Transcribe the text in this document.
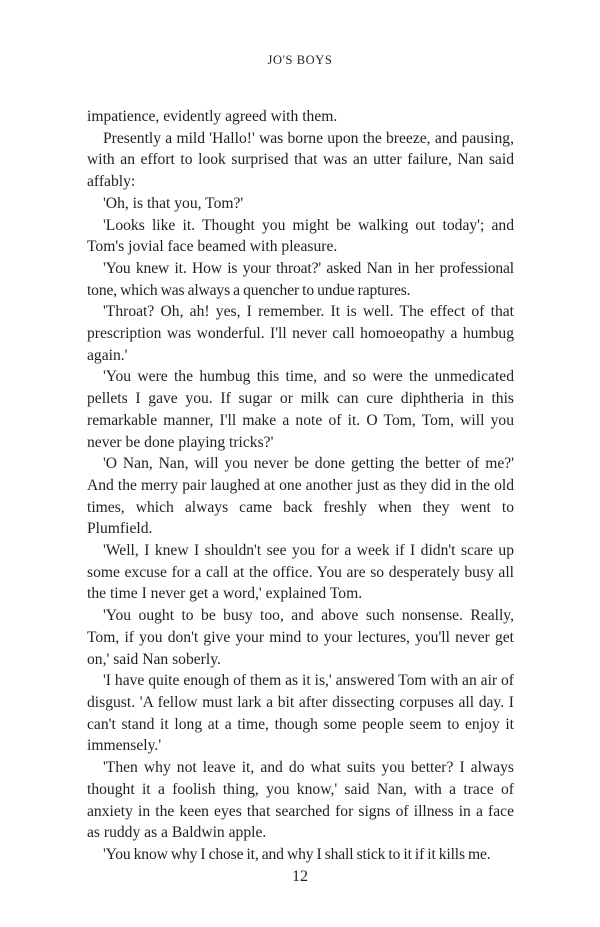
JO'S BOYS

impatience, evidently agreed with them.

Presently a mild 'Hallo!' was borne upon the breeze, and pausing, with an effort to look surprised that was an utter failure, Nan said affably:

'Oh, is that you, Tom?'

'Looks like it. Thought you might be walking out today'; and Tom's jovial face beamed with pleasure.

'You knew it. How is your throat?' asked Nan in her professional tone, which was always a quencher to undue raptures.

'Throat? Oh, ah! yes, I remember. It is well. The effect of that prescription was wonderful. I'll never call homoeopathy a humbug again.'

'You were the humbug this time, and so were the unmedicated pellets I gave you. If sugar or milk can cure diphtheria in this remarkable manner, I'll make a note of it. O Tom, Tom, will you never be done playing tricks?'

'O Nan, Nan, will you never be done getting the better of me?' And the merry pair laughed at one another just as they did in the old times, which always came back freshly when they went to Plumfield.

'Well, I knew I shouldn't see you for a week if I didn't scare up some excuse for a call at the office. You are so desperately busy all the time I never get a word,' explained Tom.

'You ought to be busy too, and above such nonsense. Really, Tom, if you don't give your mind to your lectures, you'll never get on,' said Nan soberly.

'I have quite enough of them as it is,' answered Tom with an air of disgust. 'A fellow must lark a bit after dissecting corpuses all day. I can't stand it long at a time, though some people seem to enjoy it immensely.'

'Then why not leave it, and do what suits you better? I always thought it a foolish thing, you know,' said Nan, with a trace of anxiety in the keen eyes that searched for signs of illness in a face as ruddy as a Baldwin apple.

'You know why I chose it, and why I shall stick to it if it kills me.

12
